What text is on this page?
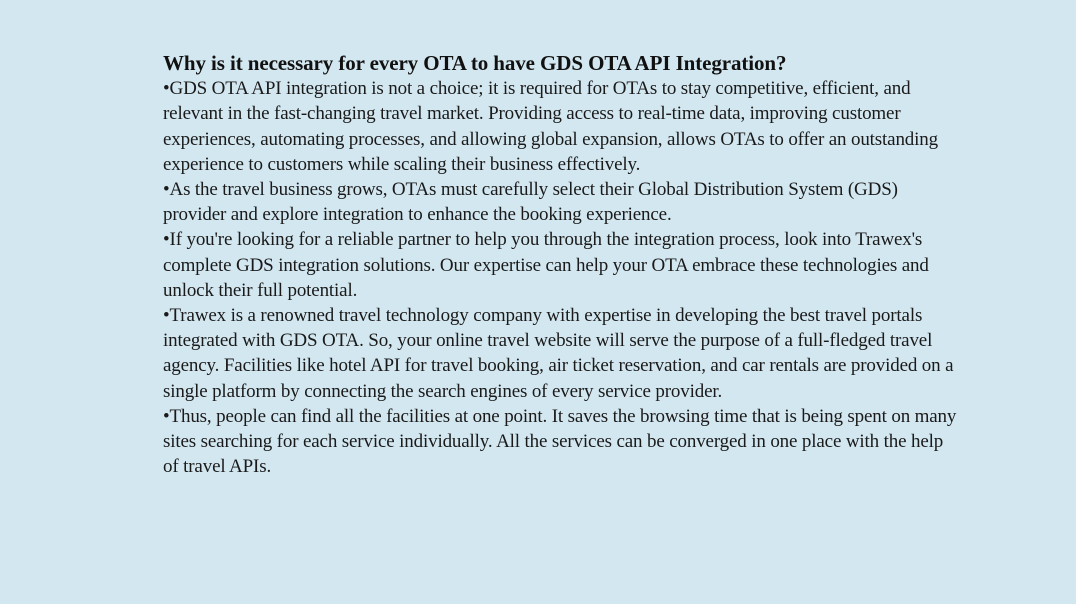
Why is it necessary for every OTA to have GDS OTA API Integration?
•GDS OTA API integration is not a choice; it is required for OTAs to stay competitive, efficient, and relevant in the fast-changing travel market. Providing access to real-time data, improving customer experiences, automating processes, and allowing global expansion, allows OTAs to offer an outstanding experience to customers while scaling their business effectively.
•As the travel business grows, OTAs must carefully select their Global Distribution System (GDS) provider and explore integration to enhance the booking experience.
•If you're looking for a reliable partner to help you through the integration process, look into Trawex's complete GDS integration solutions. Our expertise can help your OTA embrace these technologies and unlock their full potential.
•Trawex is a renowned travel technology company with expertise in developing the best travel portals integrated with GDS OTA. So, your online travel website will serve the purpose of a full-fledged travel agency. Facilities like hotel API for travel booking, air ticket reservation, and car rentals are provided on a single platform by connecting the search engines of every service provider.
•Thus, people can find all the facilities at one point. It saves the browsing time that is being spent on many sites searching for each service individually. All the services can be converged in one place with the help of travel APIs.
